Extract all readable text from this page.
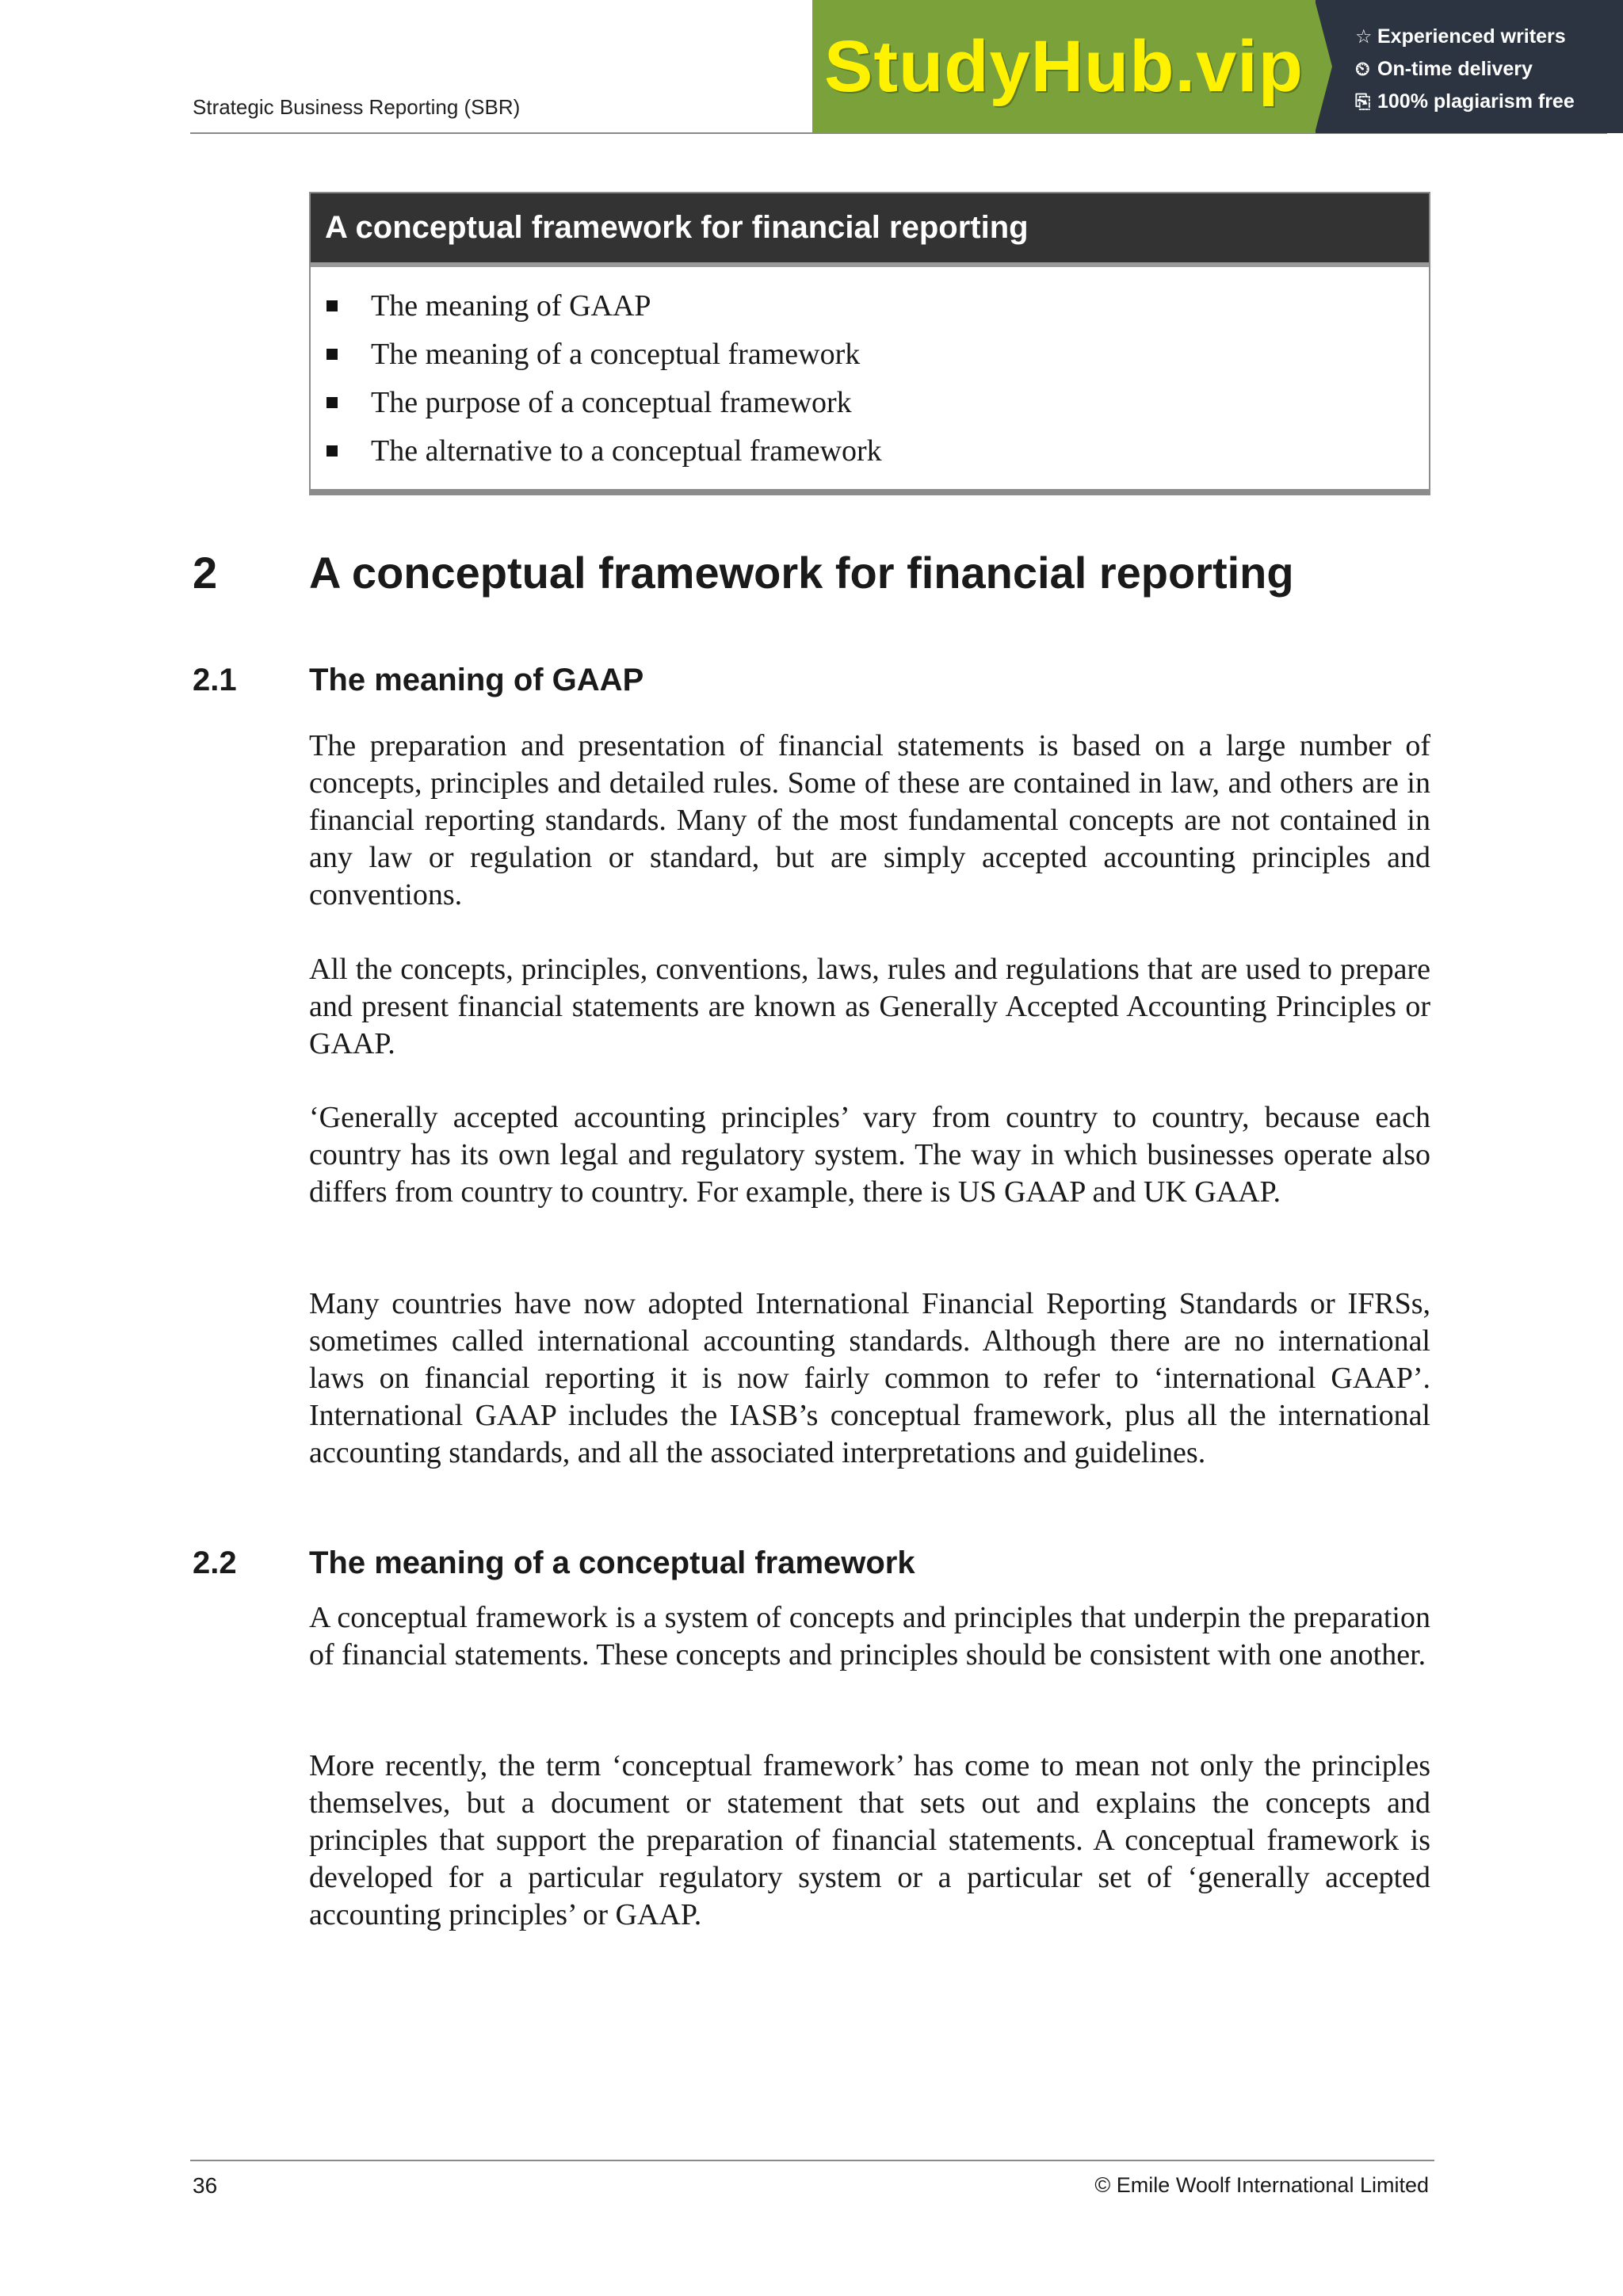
Strategic Business Reporting (SBR)
StudyHub.vip	☆ Experienced writers
⏲ On-time delivery
⎘ 100% plagiarism free
A conceptual framework for financial reporting
The meaning of GAAP
The meaning of a conceptual framework
The purpose of a conceptual framework
The alternative to a conceptual framework
2 A conceptual framework for financial reporting
2.1 The meaning of GAAP

The preparation and presentation of financial statements is based on a large number of concepts, principles and detailed rules. Some of these are contained in law, and others are in financial reporting standards. Many of the most fundamental concepts are not contained in any law or regulation or standard, but are simply accepted accounting principles and conventions.

All the concepts, principles, conventions, laws, rules and regulations that are used to prepare and present financial statements are known as Generally Accepted Accounting Principles or GAAP.

‘Generally accepted accounting principles’ vary from country to country, because each country has its own legal and regulatory system. The way in which businesses operate also differs from country to country. For example, there is US GAAP and UK GAAP.

Many countries have now adopted International Financial Reporting Standards or IFRSs, sometimes called international accounting standards. Although there are no international laws on financial reporting it is now fairly common to refer to ‘international GAAP’. International GAAP includes the IASB’s conceptual framework, plus all the international accounting standards, and all the associated interpretations and guidelines.

2.2 The meaning of a conceptual framework

A conceptual framework is a system of concepts and principles that underpin the preparation of financial statements. These concepts and principles should be consistent with one another.

More recently, the term ‘conceptual framework’ has come to mean not only the principles themselves, but a document or statement that sets out and explains the concepts and principles that support the preparation of financial statements. A conceptual framework is developed for a particular regulatory system or a particular set of ‘generally accepted accounting principles’ or GAAP.

36	© Emile Woolf International Limited
